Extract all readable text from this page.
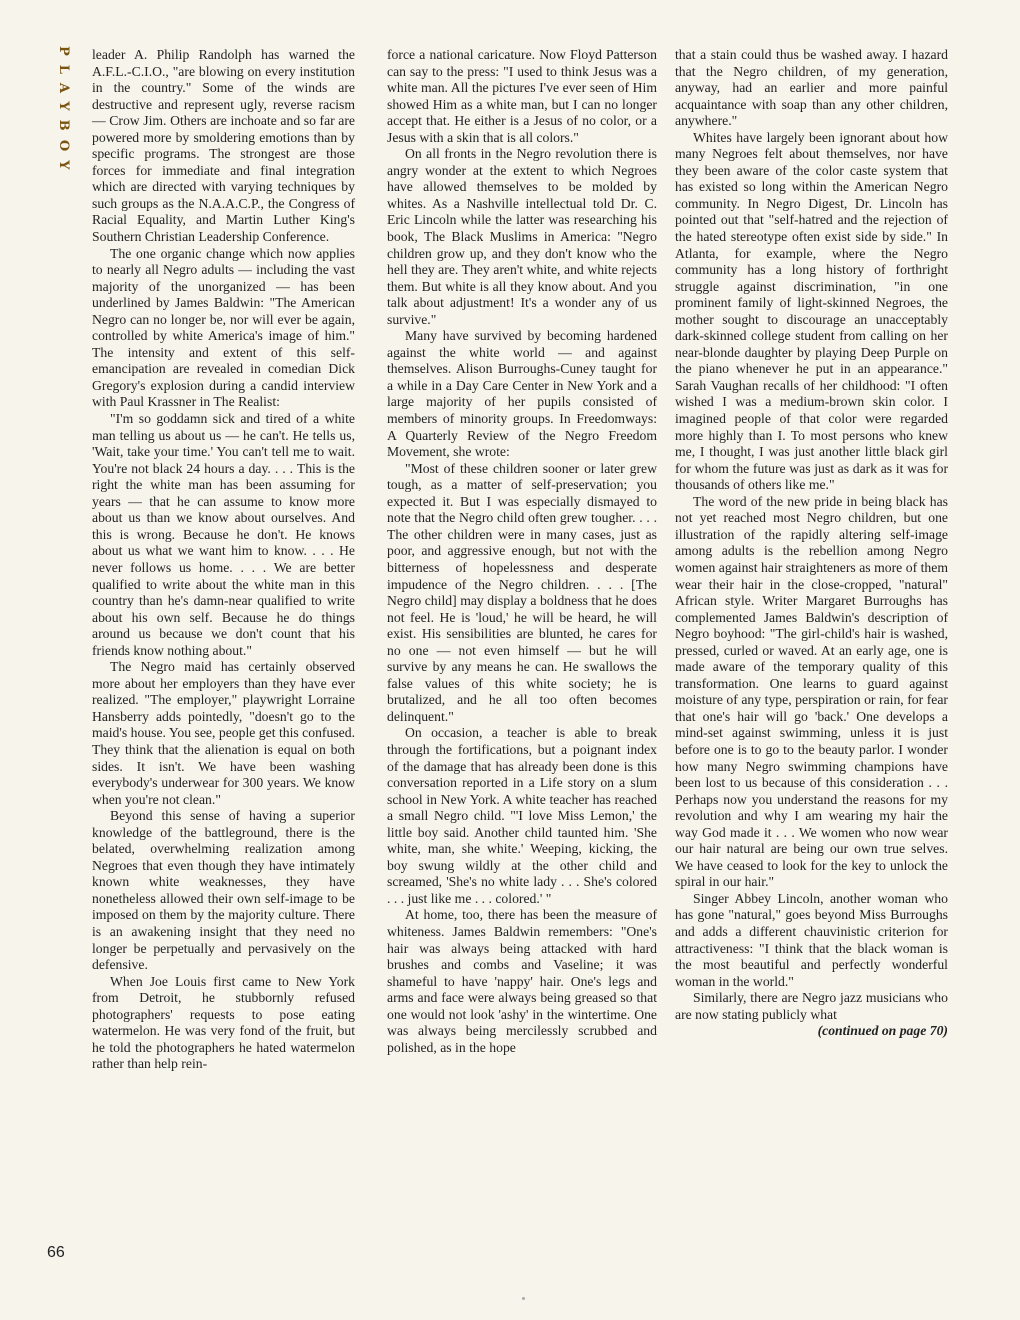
PLAYBOY
66

leader A. Philip Randolph has warned the A.F.L.-C.I.O., "are blowing on every institution in the country." Some of the winds are destructive and represent ugly, reverse racism — Crow Jim. Others are inchoate and so far are powered more by smoldering emotions than by specific programs. The strongest are those forces for immediate and final integration which are directed with varying techniques by such groups as the N.A.A.C.P., the Congress of Racial Equality, and Martin Luther King's Southern Christian Leadership Conference.

The one organic change which now applies to nearly all Negro adults — including the vast majority of the unorganized — has been underlined by James Baldwin: "The American Negro can no longer be, nor will ever be again, controlled by white America's image of him." The intensity and extent of this self-emancipation are revealed in comedian Dick Gregory's explosion during a candid interview with Paul Krassner in The Realist:

"I'm so goddamn sick and tired of a white man telling us about us — he can't. He tells us, 'Wait, take your time.' You can't tell me to wait. You're not black 24 hours a day. . . . This is the right the white man has been assuming for years — that he can assume to know more about us than we know about ourselves. And this is wrong. Because he don't. He knows about us what we want him to know. . . . He never follows us home. . . . We are better qualified to write about the white man in this country than he's damn-near qualified to write about his own self. Because he do things around us because we don't count that his friends know nothing about."

The Negro maid has certainly observed more about her employers than they have ever realized. "The employer," playwright Lorraine Hansberry adds pointedly, "doesn't go to the maid's house. You see, people get this confused. They think that the alienation is equal on both sides. It isn't. We have been washing everybody's underwear for 300 years. We know when you're not clean."

Beyond this sense of having a superior knowledge of the battleground, there is the belated, overwhelming realization among Negroes that even though they have intimately known white weaknesses, they have nonetheless allowed their own self-image to be imposed on them by the majority culture. There is an awakening insight that they need no longer be perpetually and pervasively on the defensive.

When Joe Louis first came to New York from Detroit, he stubbornly refused photographers' requests to pose eating watermelon. He was very fond of the fruit, but he told the photographers he hated watermelon rather than help rein-

force a national caricature. Now Floyd Patterson can say to the press: "I used to think Jesus was a white man. All the pictures I've ever seen of Him showed Him as a white man, but I can no longer accept that. He either is a Jesus of no color, or a Jesus with a skin that is all colors."

On all fronts in the Negro revolution there is angry wonder at the extent to which Negroes have allowed themselves to be molded by whites. As a Nashville intellectual told Dr. C. Eric Lincoln while the latter was researching his book, The Black Muslims in America: "Negro children grow up, and they don't know who the hell they are. They aren't white, and white rejects them. But white is all they know about. And you talk about adjustment! It's a wonder any of us survive."

Many have survived by becoming hardened against the white world — and against themselves. Alison Burroughs-Cuney taught for a while in a Day Care Center in New York and a large majority of her pupils consisted of members of minority groups. In Freedomways: A Quarterly Review of the Negro Freedom Movement, she wrote:

"Most of these children sooner or later grew tough, as a matter of self-preservation; you expected it. But I was especially dismayed to note that the Negro child often grew tougher. . . . The other children were in many cases, just as poor, and aggressive enough, but not with the bitterness of hopelessness and desperate impudence of the Negro children. . . . [The Negro child] may display a boldness that he does not feel. He is 'loud,' he will be heard, he will exist. His sensibilities are blunted, he cares for no one — not even himself — but he will survive by any means he can. He swallows the false values of this white society; he is brutalized, and he all too often becomes delinquent."

On occasion, a teacher is able to break through the fortifications, but a poignant index of the damage that has already been done is this conversation reported in a Life story on a slum school in New York. A white teacher has reached a small Negro child. "'I love Miss Lemon,' the little boy said. Another child taunted him. 'She white, man, she white.' Weeping, kicking, the boy swung wildly at the other child and screamed, 'She's no white lady . . . She's colored . . . just like me . . . colored.' "

At home, too, there has been the measure of whiteness. James Baldwin remembers: "One's hair was always being attacked with hard brushes and combs and Vaseline; it was shameful to have 'nappy' hair. One's legs and arms and face were always being greased so that one would not look 'ashy' in the wintertime. One was always being mercilessly scrubbed and polished, as in the hope

that a stain could thus be washed away. I hazard that the Negro children, of my generation, anyway, had an earlier and more painful acquaintance with soap than any other children, anywhere."

Whites have largely been ignorant about how many Negroes felt about themselves, nor have they been aware of the color caste system that has existed so long within the American Negro community. In Negro Digest, Dr. Lincoln has pointed out that "self-hatred and the rejection of the hated stereotype often exist side by side." In Atlanta, for example, where the Negro community has a long history of forthright struggle against discrimination, "in one prominent family of light-skinned Negroes, the mother sought to discourage an unacceptably dark-skinned college student from calling on her near-blonde daughter by playing Deep Purple on the piano whenever he put in an appearance." Sarah Vaughan recalls of her childhood: "I often wished I was a medium-brown skin color. I imagined people of that color were regarded more highly than I. To most persons who knew me, I thought, I was just another little black girl for whom the future was just as dark as it was for thousands of others like me."

The word of the new pride in being black has not yet reached most Negro children, but one illustration of the rapidly altering self-image among adults is the rebellion among Negro women against hair straighteners as more of them wear their hair in the close-cropped, "natural" African style. Writer Margaret Burroughs has complemented James Baldwin's description of Negro boyhood: "The girl-child's hair is washed, pressed, curled or waved. At an early age, one is made aware of the temporary quality of this transformation. One learns to guard against moisture of any type, perspiration or rain, for fear that one's hair will go 'back.' One develops a mind-set against swimming, unless it is just before one is to go to the beauty parlor. I wonder how many Negro swimming champions have been lost to us because of this consideration . . . Perhaps now you understand the reasons for my revolution and why I am wearing my hair the way God made it . . . We women who now wear our hair natural are being our own true selves. We have ceased to look for the key to unlock the spiral in our hair."

Singer Abbey Lincoln, another woman who has gone "natural," goes beyond Miss Burroughs and adds a different chauvinistic criterion for attractiveness: "I think that the black woman is the most beautiful and perfectly wonderful woman in the world."

Similarly, there are Negro jazz musicians who are now stating publicly what

(continued on page 70)
